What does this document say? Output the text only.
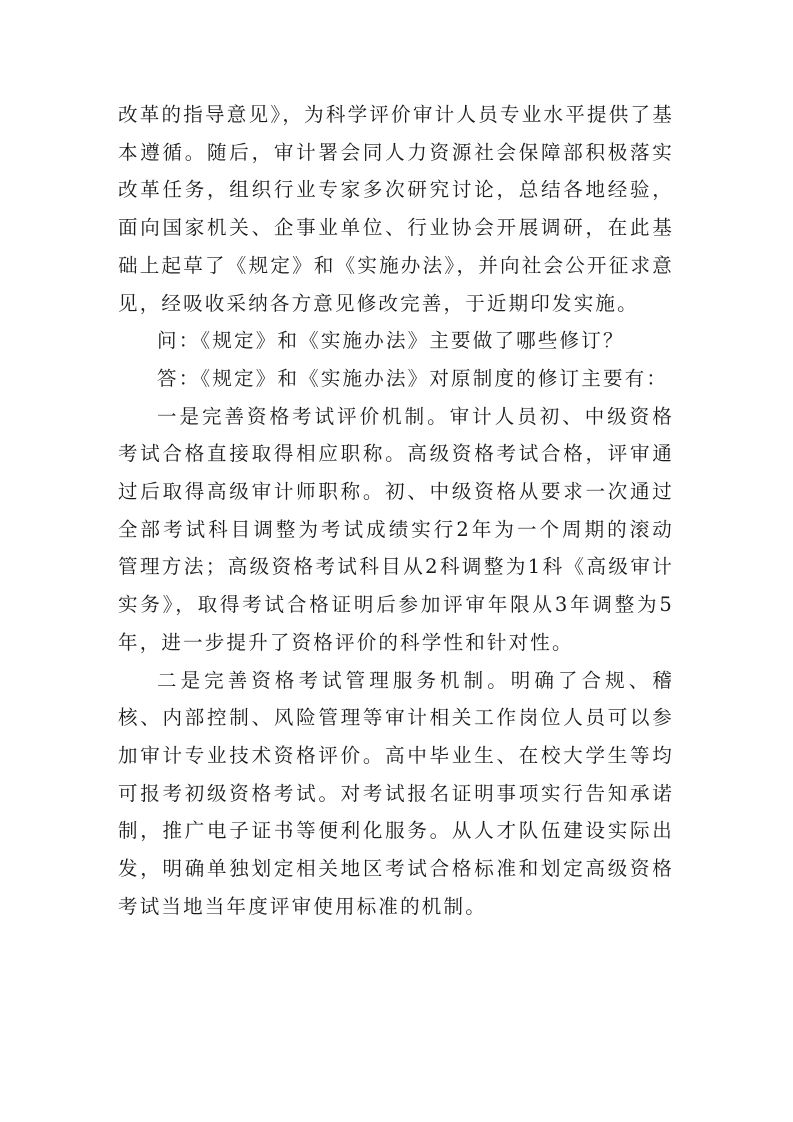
改革的指导意见》，为科学评价审计人员专业水平提供了基本遵循。随后，审计署会同人力资源社会保障部积极落实改革任务，组织行业专家多次研究讨论，总结各地经验，面向国家机关、企事业单位、行业协会开展调研，在此基础上起草了《规定》和《实施办法》，并向社会公开征求意见，经吸收采纳各方意见修改完善，于近期印发实施。

问：《规定》和《实施办法》主要做了哪些修订？

答：《规定》和《实施办法》对原制度的修订主要有：

一是完善资格考试评价机制。审计人员初、中级资格考试合格直接取得相应职称。高级资格考试合格，评审通过后取得高级审计师职称。初、中级资格从要求一次通过全部考试科目调整为考试成绩实行2年为一个周期的滚动管理方法；高级资格考试科目从2科调整为1科《高级审计实务》，取得考试合格证明后参加评审年限从3年调整为5年，进一步提升了资格评价的科学性和针对性。

二是完善资格考试管理服务机制。明确了合规、稽核、内部控制、风险管理等审计相关工作岗位人员可以参加审计专业技术资格评价。高中毕业生、在校大学生等均可报考初级资格考试。对考试报名证明事项实行告知承诺制，推广电子证书等便利化服务。从人才队伍建设实际出发，明确单独划定相关地区考试合格标准和划定高级资格考试当地当年度评审使用标准的机制。
